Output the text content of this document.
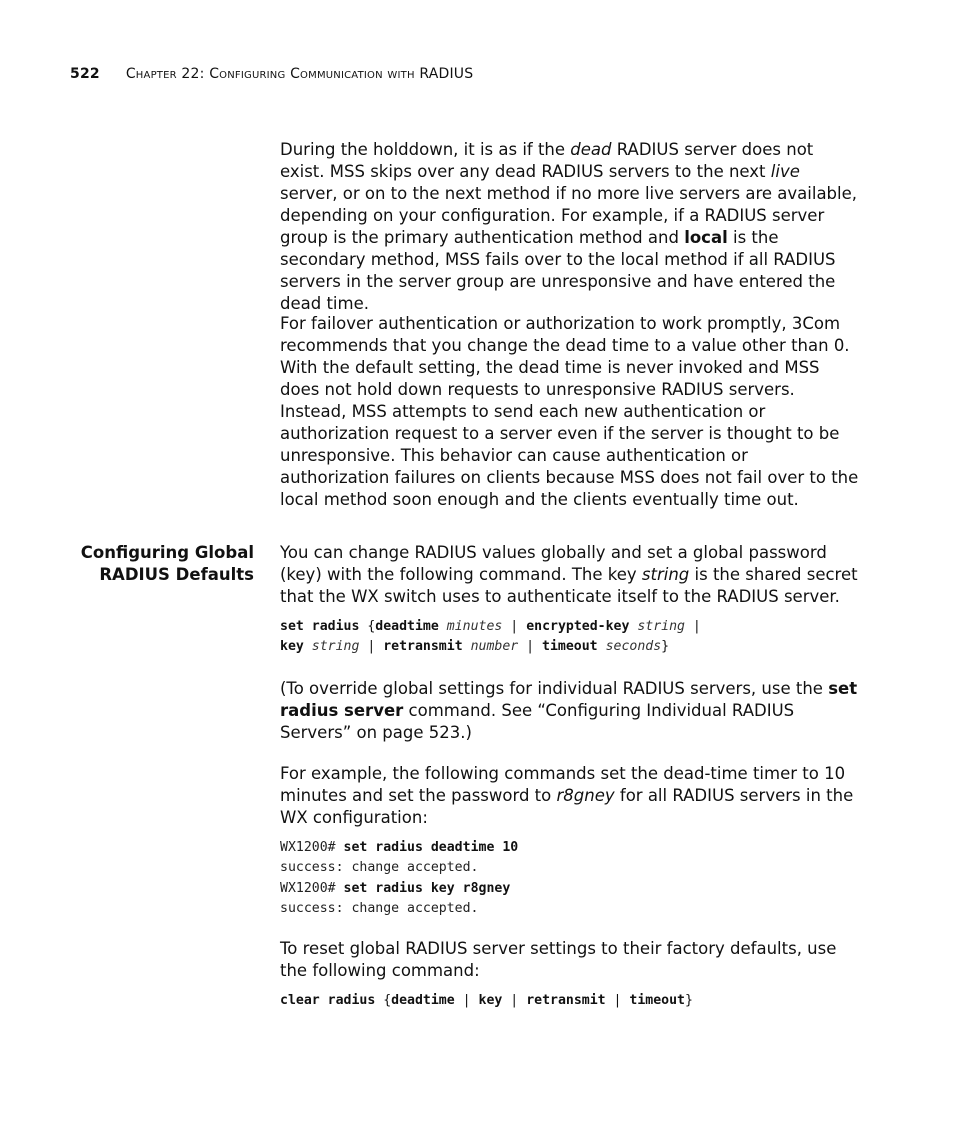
522 Chapter 22: Configuring Communication with RADIUS

During the holddown, it is as if the dead RADIUS server does not exist. MSS skips over any dead RADIUS servers to the next live server, or on to the next method if no more live servers are available, depending on your configuration. For example, if a RADIUS server group is the primary authentication method and local is the secondary method, MSS fails over to the local method if all RADIUS servers in the server group are unresponsive and have entered the dead time.

For failover authentication or authorization to work promptly, 3Com recommends that you change the dead time to a value other than 0. With the default setting, the dead time is never invoked and MSS does not hold down requests to unresponsive RADIUS servers. Instead, MSS attempts to send each new authentication or authorization request to a server even if the server is thought to be unresponsive. This behavior can cause authentication or authorization failures on clients because MSS does not fail over to the local method soon enough and the clients eventually time out.

Configuring Global
RADIUS Defaults

You can change RADIUS values globally and set a global password (key) with the following command. The key string is the shared secret that the WX switch uses to authenticate itself to the RADIUS server.

set radius {deadtime minutes | encrypted-key string |
key string | retransmit number | timeout seconds}

(To override global settings for individual RADIUS servers, use the set radius server command. See “Configuring Individual RADIUS Servers” on page 523.)

For example, the following commands set the dead-time timer to 10 minutes and set the password to r8gney for all RADIUS servers in the WX configuration:

WX1200# set radius deadtime 10
success: change accepted.
WX1200# set radius key r8gney
success: change accepted.

To reset global RADIUS server settings to their factory defaults, use the following command:

clear radius {deadtime | key | retransmit | timeout}
